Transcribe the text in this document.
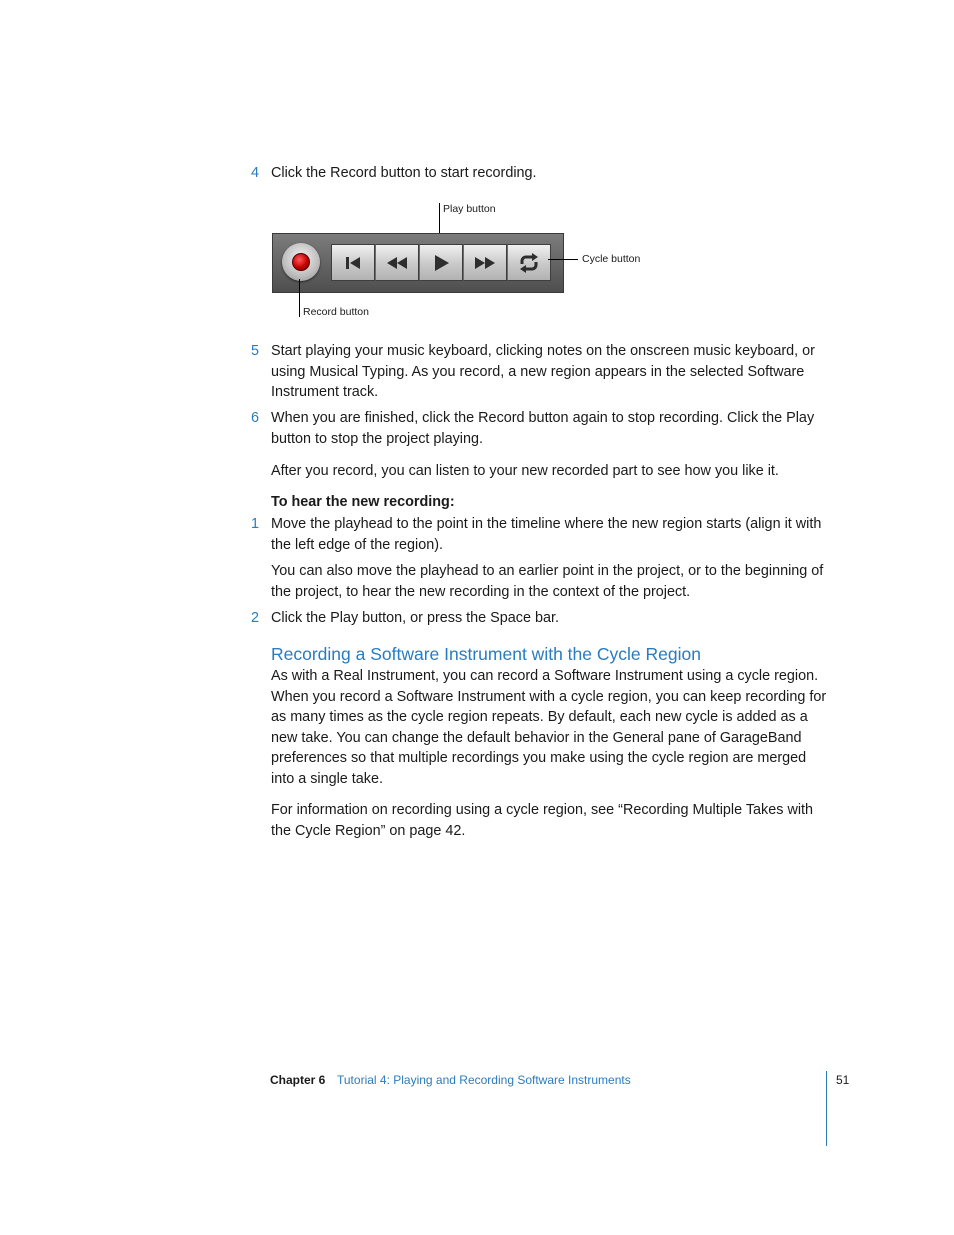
4 Click the Record button to start recording.
Play button
Cycle button
Record button
5 Start playing your music keyboard, clicking notes on the onscreen music keyboard, or using Musical Typing. As you record, a new region appears in the selected Software Instrument track.
6 When you are finished, click the Record button again to stop recording. Click the Play button to stop the project playing.
After you record, you can listen to your new recorded part to see how you like it.
To hear the new recording:
1 Move the playhead to the point in the timeline where the new region starts (align it with the left edge of the region).
You can also move the playhead to an earlier point in the project, or to the beginning of the project, to hear the new recording in the context of the project.
2 Click the Play button, or press the Space bar.
Recording a Software Instrument with the Cycle Region
As with a Real Instrument, you can record a Software Instrument using a cycle region. When you record a Software Instrument with a cycle region, you can keep recording for as many times as the cycle region repeats. By default, each new cycle is added as a new take. You can change the default behavior in the General pane of GarageBand preferences so that multiple recordings you make using the cycle region are merged into a single take.
For information on recording using a cycle region, see “Recording Multiple Takes with the Cycle Region” on page 42.
Chapter 6 Tutorial 4: Playing and Recording Software Instruments	51
